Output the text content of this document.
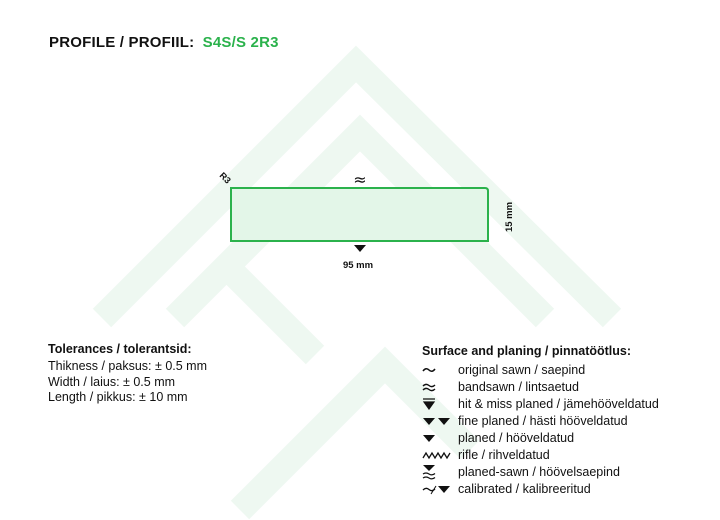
PROFILE / PROFIIL: S4S/S 2R3
R3	≈
95 mm
15 mm
Tolerances / tolerantsid:
Thikness / paksus: ± 0.5 mm
Width / laius: ± 0.5 mm
Length / pikkus: ± 10 mm
Surface and planing / pinnatöötlus:
original sawn / saepind
bandsawn / lintsaetud
hit & miss planed / jämehööveldatud
fine planed / hästi hööveldatud
planed / hööveldatud
rifle / rihveldatud
planed-sawn / höövelsaepind
calibrated / kalibreeritud
